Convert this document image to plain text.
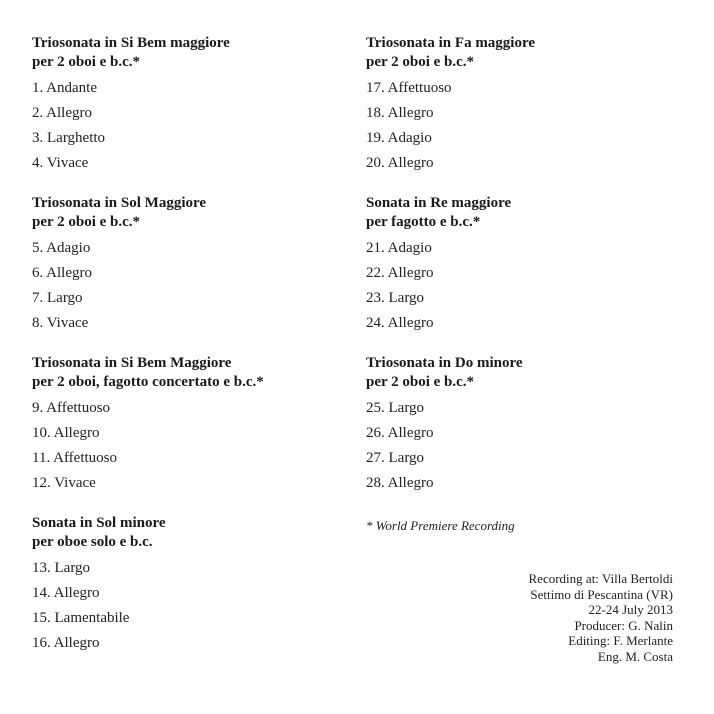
Triosonata in Si Bem maggiore
per 2 oboi e b.c.*
1. Andante
2. Allegro
3. Larghetto
4. Vivace
Triosonata in Sol Maggiore
per 2 oboi e b.c.*
5. Adagio
6. Allegro
7. Largo
8. Vivace
Triosonata in Si Bem Maggiore
per 2 oboi, fagotto concertato e b.c.*
9. Affettuoso
10. Allegro
11. Affettuoso
12. Vivace
Sonata in Sol minore
per oboe solo e b.c.
13. Largo
14. Allegro
15. Lamentabile
16. Allegro
Triosonata in Fa maggiore
per 2 oboi e b.c.*
17. Affettuoso
18. Allegro
19. Adagio
20. Allegro
Sonata in Re maggiore
per fagotto e b.c.*
21. Adagio
22. Allegro
23. Largo
24. Allegro
Triosonata in Do minore
per 2 oboi e b.c.*
25. Largo
26. Allegro
27. Largo
28. Allegro
* World Premiere Recording
Recording at: Villa Bertoldi
Settimo di Pescantina (VR)
22-24 July 2013
Producer: G. Nalin
Editing: F. Merlante
Eng. M. Costa
